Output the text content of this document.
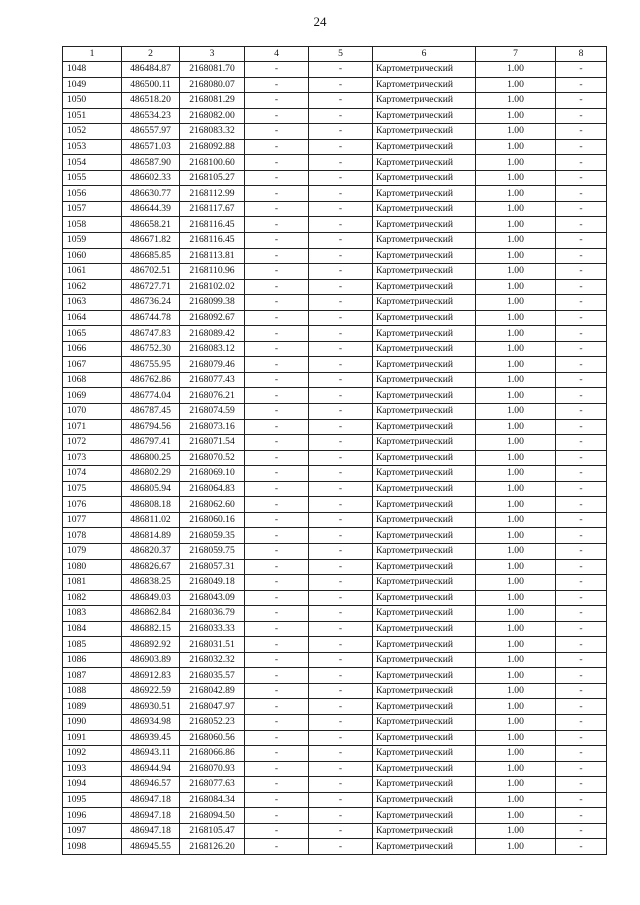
24
1	2	3	4	5	6	7	8
1048	486484.87	2168081.70	-	-	Картометрический	1.00	-
1049	486500.11	2168080.07	-	-	Картометрический	1.00	-
1050	486518.20	2168081.29	-	-	Картометрический	1.00	-
1051	486534.23	2168082.00	-	-	Картометрический	1.00	-
1052	486557.97	2168083.32	-	-	Картометрический	1.00	-
1053	486571.03	2168092.88	-	-	Картометрический	1.00	-
1054	486587.90	2168100.60	-	-	Картометрический	1.00	-
1055	486602.33	2168105.27	-	-	Картометрический	1.00	-
1056	486630.77	2168112.99	-	-	Картометрический	1.00	-
1057	486644.39	2168117.67	-	-	Картометрический	1.00	-
1058	486658.21	2168116.45	-	-	Картометрический	1.00	-
1059	486671.82	2168116.45	-	-	Картометрический	1.00	-
1060	486685.85	2168113.81	-	-	Картометрический	1.00	-
1061	486702.51	2168110.96	-	-	Картометрический	1.00	-
1062	486727.71	2168102.02	-	-	Картометрический	1.00	-
1063	486736.24	2168099.38	-	-	Картометрический	1.00	-
1064	486744.78	2168092.67	-	-	Картометрический	1.00	-
1065	486747.83	2168089.42	-	-	Картометрический	1.00	-
1066	486752.30	2168083.12	-	-	Картометрический	1.00	-
1067	486755.95	2168079.46	-	-	Картометрический	1.00	-
1068	486762.86	2168077.43	-	-	Картометрический	1.00	-
1069	486774.04	2168076.21	-	-	Картометрический	1.00	-
1070	486787.45	2168074.59	-	-	Картометрический	1.00	-
1071	486794.56	2168073.16	-	-	Картометрический	1.00	-
1072	486797.41	2168071.54	-	-	Картометрический	1.00	-
1073	486800.25	2168070.52	-	-	Картометрический	1.00	-
1074	486802.29	2168069.10	-	-	Картометрический	1.00	-
1075	486805.94	2168064.83	-	-	Картометрический	1.00	-
1076	486808.18	2168062.60	-	-	Картометрический	1.00	-
1077	486811.02	2168060.16	-	-	Картометрический	1.00	-
1078	486814.89	2168059.35	-	-	Картометрический	1.00	-
1079	486820.37	2168059.75	-	-	Картометрический	1.00	-
1080	486826.67	2168057.31	-	-	Картометрический	1.00	-
1081	486838.25	2168049.18	-	-	Картометрический	1.00	-
1082	486849.03	2168043.09	-	-	Картометрический	1.00	-
1083	486862.84	2168036.79	-	-	Картометрический	1.00	-
1084	486882.15	2168033.33	-	-	Картометрический	1.00	-
1085	486892.92	2168031.51	-	-	Картометрический	1.00	-
1086	486903.89	2168032.32	-	-	Картометрический	1.00	-
1087	486912.83	2168035.57	-	-	Картометрический	1.00	-
1088	486922.59	2168042.89	-	-	Картометрический	1.00	-
1089	486930.51	2168047.97	-	-	Картометрический	1.00	-
1090	486934.98	2168052.23	-	-	Картометрический	1.00	-
1091	486939.45	2168060.56	-	-	Картометрический	1.00	-
1092	486943.11	2168066.86	-	-	Картометрический	1.00	-
1093	486944.94	2168070.93	-	-	Картометрический	1.00	-
1094	486946.57	2168077.63	-	-	Картометрический	1.00	-
1095	486947.18	2168084.34	-	-	Картометрический	1.00	-
1096	486947.18	2168094.50	-	-	Картометрический	1.00	-
1097	486947.18	2168105.47	-	-	Картометрический	1.00	-
1098	486945.55	2168126.20	-	-	Картометрический	1.00	-
